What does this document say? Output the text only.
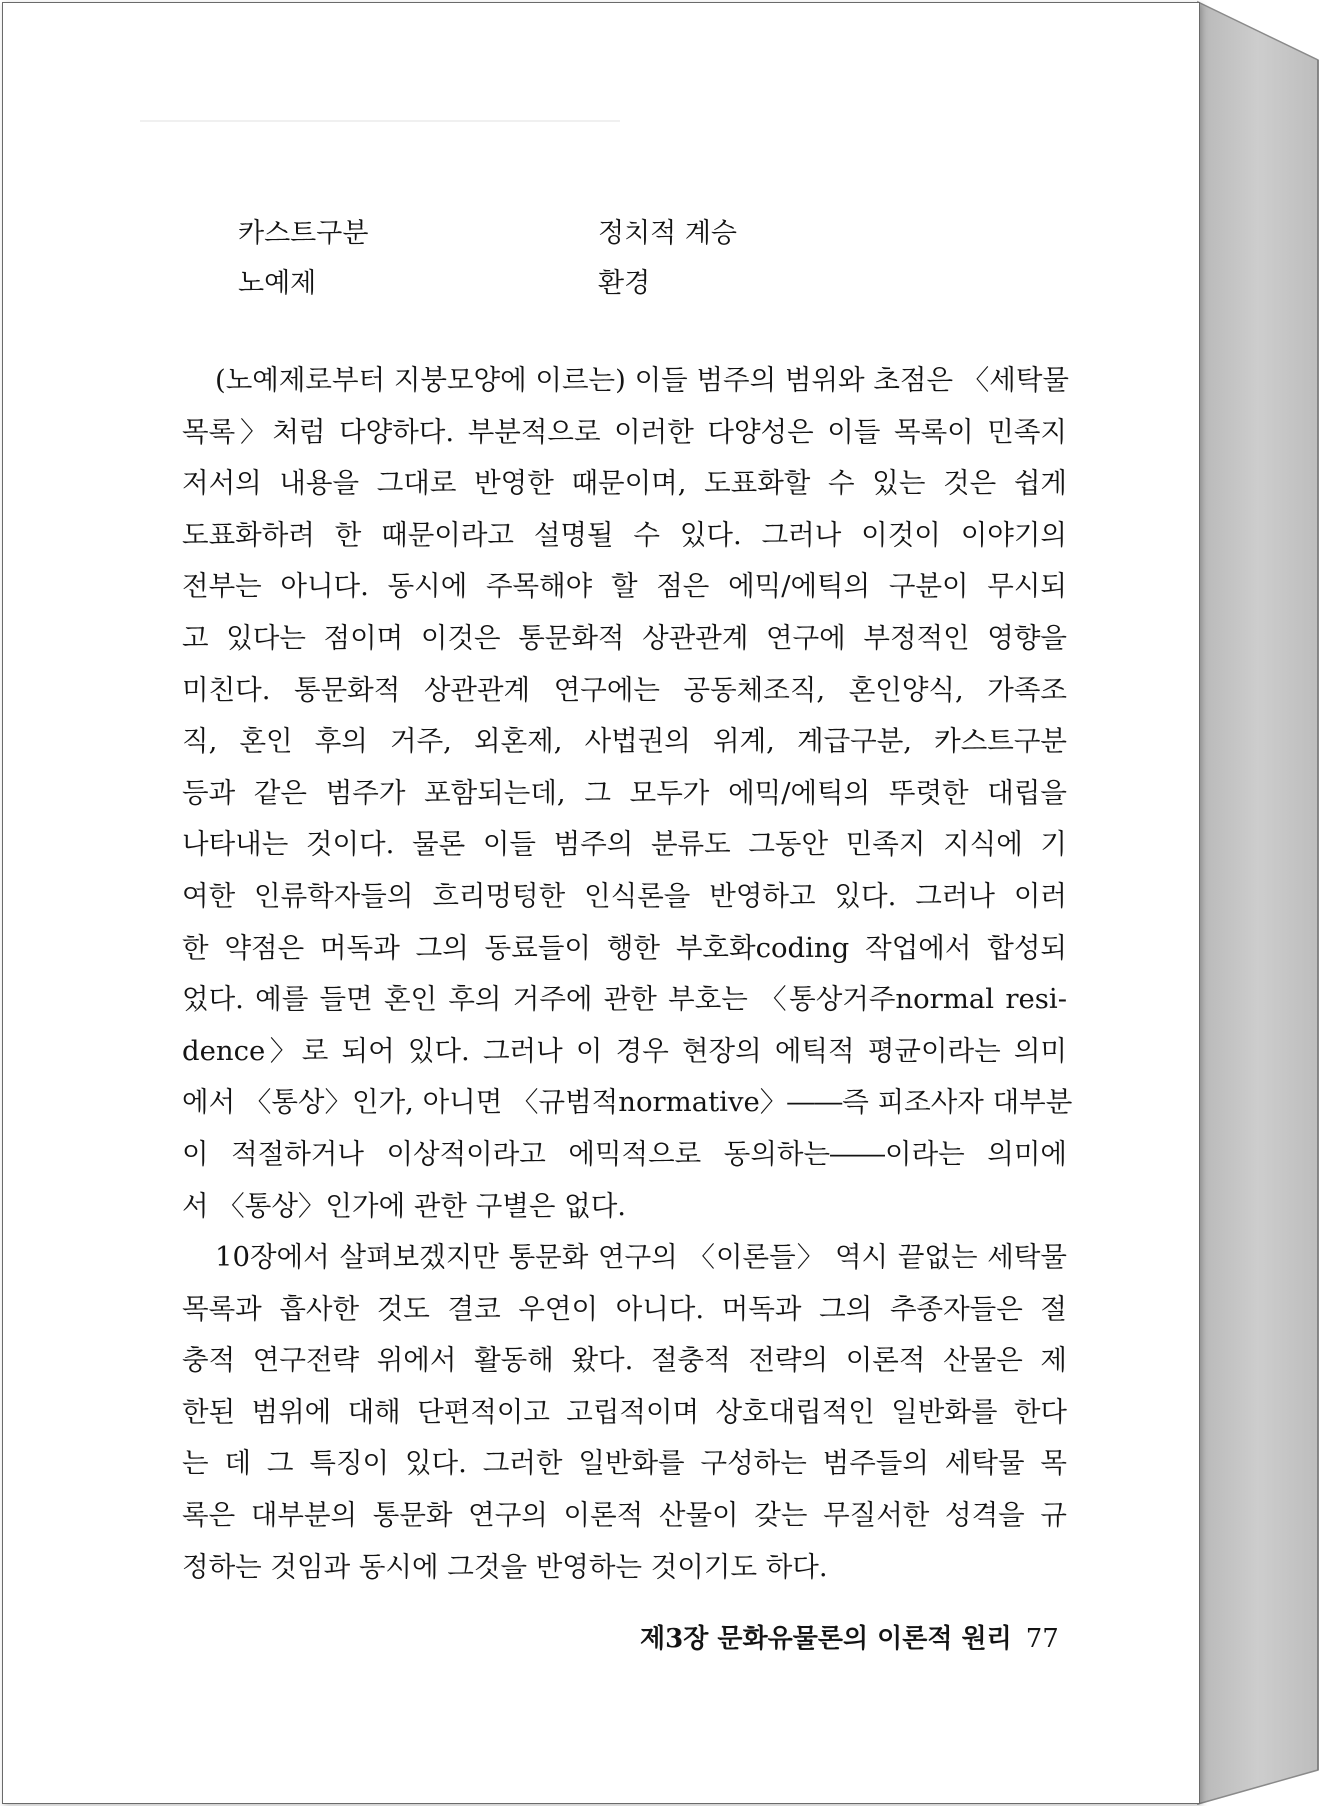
카스트구분	정치적 계승
노예제	환경
(노예제로부터 지붕모양에 이르는) 이들 범주의 범위와 초점은 〈세탁물
목록〉처럼 다양하다. 부분적으로 이러한 다양성은 이들 목록이 민족지
저서의 내용을 그대로 반영한 때문이며, 도표화할 수 있는 것은 쉽게
도표화하려 한 때문이라고 설명될 수 있다. 그러나 이것이 이야기의
전부는 아니다. 동시에 주목해야 할 점은 에믹/에틱의 구분이 무시되
고 있다는 점이며 이것은 통문화적 상관관계 연구에 부정적인 영향을
미친다. 통문화적 상관관계 연구에는 공동체조직, 혼인양식, 가족조
직, 혼인 후의 거주, 외혼제, 사법권의 위계, 계급구분, 카스트구분
등과 같은 범주가 포함되는데, 그 모두가 에믹/에틱의 뚜렷한 대립을
나타내는 것이다. 물론 이들 범주의 분류도 그동안 민족지 지식에 기
여한 인류학자들의 흐리멍텅한 인식론을 반영하고 있다. 그러나 이러
한 약점은 머독과 그의 동료들이 행한 부호화coding 작업에서 합성되
었다. 예를 들면 혼인 후의 거주에 관한 부호는 〈통상거주normal resi-
dence〉로 되어 있다. 그러나 이 경우 현장의 에틱적 평균이라는 의미
에서 〈통상〉인가, 아니면 〈규범적normative〉――즉 피조사자 대부분
이 적절하거나 이상적이라고 에믹적으로 동의하는――이라는 의미에
서 〈통상〉인가에 관한 구별은 없다.
10장에서 살펴보겠지만 통문화 연구의 〈이론들〉 역시 끝없는 세탁물
목록과 흡사한 것도 결코 우연이 아니다. 머독과 그의 추종자들은 절
충적 연구전략 위에서 활동해 왔다. 절충적 전략의 이론적 산물은 제
한된 범위에 대해 단편적이고 고립적이며 상호대립적인 일반화를 한다
는 데 그 특징이 있다. 그러한 일반화를 구성하는 범주들의 세탁물 목
록은 대부분의 통문화 연구의 이론적 산물이 갖는 무질서한 성격을 규
정하는 것임과 동시에 그것을 반영하는 것이기도 하다.
제3장 문화유물론의 이론적 원리 77
